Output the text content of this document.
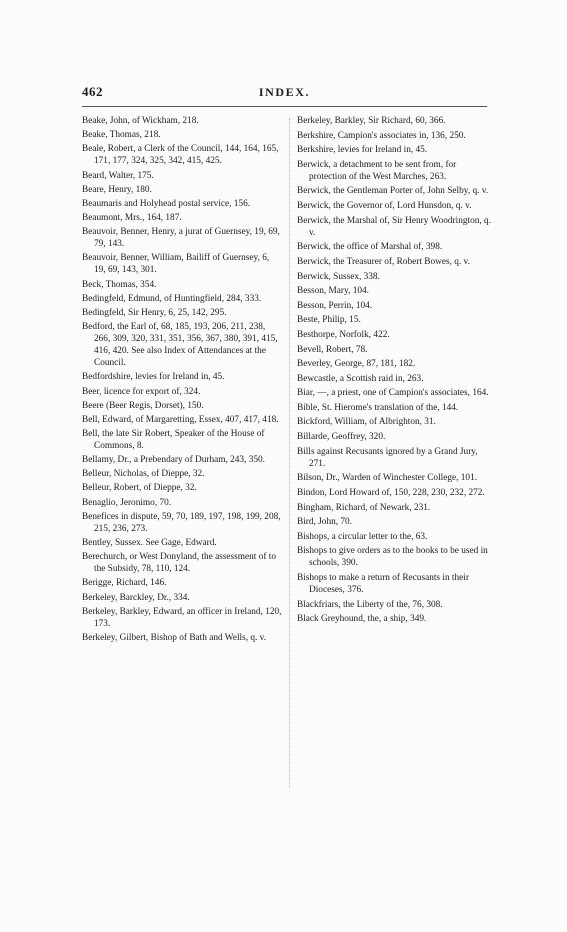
462	INDEX.
Beake, John, of Wickham, 218.
Beake, Thomas, 218.
Beale, Robert, a Clerk of the Council, 144, 164, 165, 171, 177, 324, 325, 342, 415, 425.
Beard, Walter, 175.
Beare, Henry, 180.
Beaumaris and Holyhead postal service, 156.
Beaumont, Mrs., 164, 187.
Beauvoir, Benner, Henry, a jurat of Guernsey, 19, 69, 79, 143.
Beauvoir, Benner, William, Bailiff of Guernsey, 6, 19, 69, 143, 301.
Beck, Thomas, 354.
Bedingfeld, Edmund, of Huntingfield, 284, 333.
Bedingfeld, Sir Henry, 6, 25, 142, 295.
Bedford, the Earl of, 68, 185, 193, 206, 211, 238, 266, 309, 320, 331, 351, 356, 367, 380, 391, 415, 416, 420. See also Index of Attendances at the Council.
Bedfordshire, levies for Ireland in, 45.
Beer, licence for export of, 324.
Beere (Beer Regis, Dorset), 150.
Bell, Edward, of Margaretting, Essex, 407, 417, 418.
Bell, the late Sir Robert, Speaker of the House of Commons, 8.
Bellamy, Dr., a Prebendary of Durham, 243, 350.
Belleur, Nicholas, of Dieppe, 32.
Belleur, Robert, of Dieppe, 32.
Benaglio, Jeronimo, 70.
Benefices in dispute, 59, 70, 189, 197, 198, 199, 208, 215, 236, 273.
Bentley, Sussex. See Gage, Edward.
Berechurch, or West Donyland, the assessment of to the Subsidy, 78, 110, 124.
Berigge, Richard, 146.
Berkeley, Barckley, Dr., 334.
Berkeley, Barkley, Edward, an officer in Ireland, 120, 173.
Berkeley, Gilbert, Bishop of Bath and Wells, q. v.
Berkeley, Barkley, Sir Richard, 60, 366.
Berkshire, Campion's associates in, 136, 250.
Berkshire, levies for Ireland in, 45.
Berwick, a detachment to be sent from, for protection of the West Marches, 263.
Berwick, the Gentleman Porter of, John Selby, q. v.
Berwick, the Governor of, Lord Hunsdon, q. v.
Berwick, the Marshal of, Sir Henry Woodrington, q. v.
Berwick, the office of Marshal of, 398.
Berwick, the Treasurer of, Robert Bowes, q. v.
Berwick, Sussex, 338.
Besson, Mary, 104.
Besson, Perrin, 104.
Beste, Philip, 15.
Besthorpe, Norfolk, 422.
Bevell, Robert, 78.
Beverley, George, 87, 181, 182.
Bewcastle, a Scottish raid in, 263.
Biar, —, a priest, one of Campion's associates, 164.
Bible, St. Hierome's translation of the, 144.
Bickford, William, of Albrighton, 31.
Billarde, Geoffrey, 320.
Bills against Recusants ignored by a Grand Jury, 271.
Bilson, Dr., Warden of Winchester College, 101.
Bindon, Lord Howard of, 150, 228, 230, 232, 272.
Bingham, Richard, of Newark, 231.
Bird, John, 70.
Bishops, a circular letter to the, 63.
Bishops to give orders as to the books to be used in schools, 390.
Bishops to make a return of Recusants in their Dioceses, 376.
Blackfriars, the Liberty of the, 76, 308.
Black Greyhound, the, a ship, 349.
